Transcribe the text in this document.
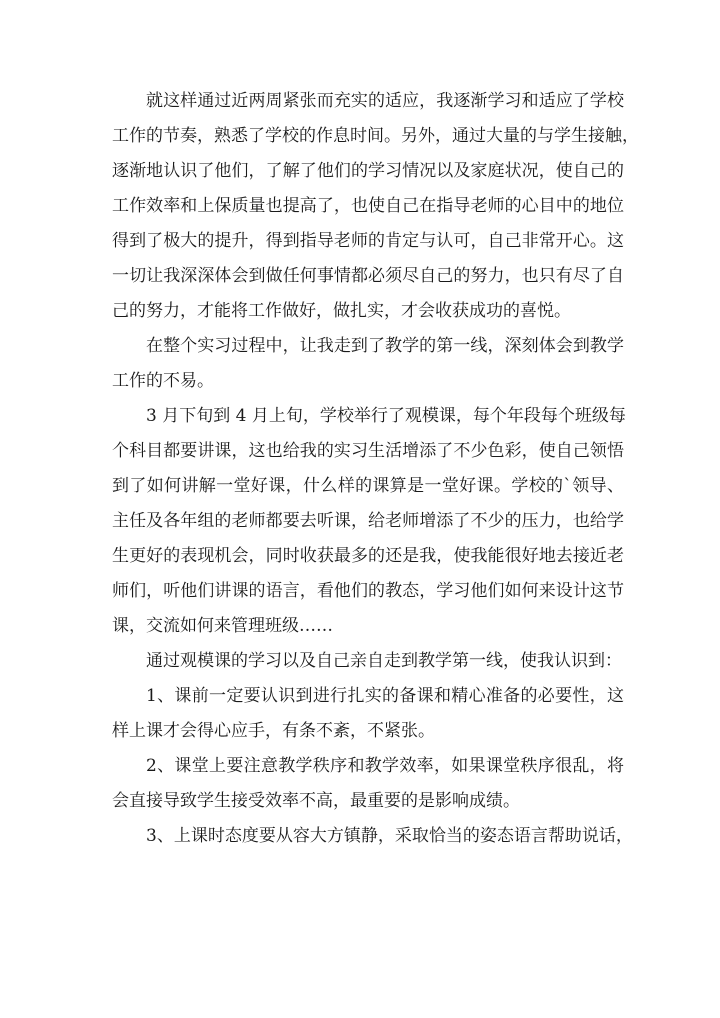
就这样通过近两周紧张而充实的适应，我逐渐学习和适应了学校
工作的节奏，熟悉了学校的作息时间。另外，通过大量的与学生接触，
逐渐地认识了他们，了解了他们的学习情况以及家庭状况，使自己的
工作效率和上保质量也提高了，也使自己在指导老师的心目中的地位
得到了极大的提升，得到指导老师的肯定与认可，自己非常开心。这
一切让我深深体会到做任何事情都必须尽自己的努力，也只有尽了自
己的努力，才能将工作做好，做扎实，才会收获成功的喜悦。
在整个实习过程中，让我走到了教学的第一线，深刻体会到教学
工作的不易。
3 月下旬到 4 月上旬，学校举行了观模课，每个年段每个班级每
个科目都要讲课，这也给我的实习生活增添了不少色彩，使自己领悟
到了如何讲解一堂好课，什么样的课算是一堂好课。学校的`领导、
主任及各年组的老师都要去听课，给老师增添了不少的压力，也给学
生更好的表现机会，同时收获最多的还是我，使我能很好地去接近老
师们，听他们讲课的语言，看他们的教态，学习他们如何来设计这节
课，交流如何来管理班级……
通过观模课的学习以及自己亲自走到教学第一线，使我认识到：
1、课前一定要认识到进行扎实的备课和精心准备的必要性，这
样上课才会得心应手，有条不紊，不紧张。
2、课堂上要注意教学秩序和教学效率，如果课堂秩序很乱，将
会直接导致学生接受效率不高，最重要的是影响成绩。
3、上课时态度要从容大方镇静，采取恰当的姿态语言帮助说话，
